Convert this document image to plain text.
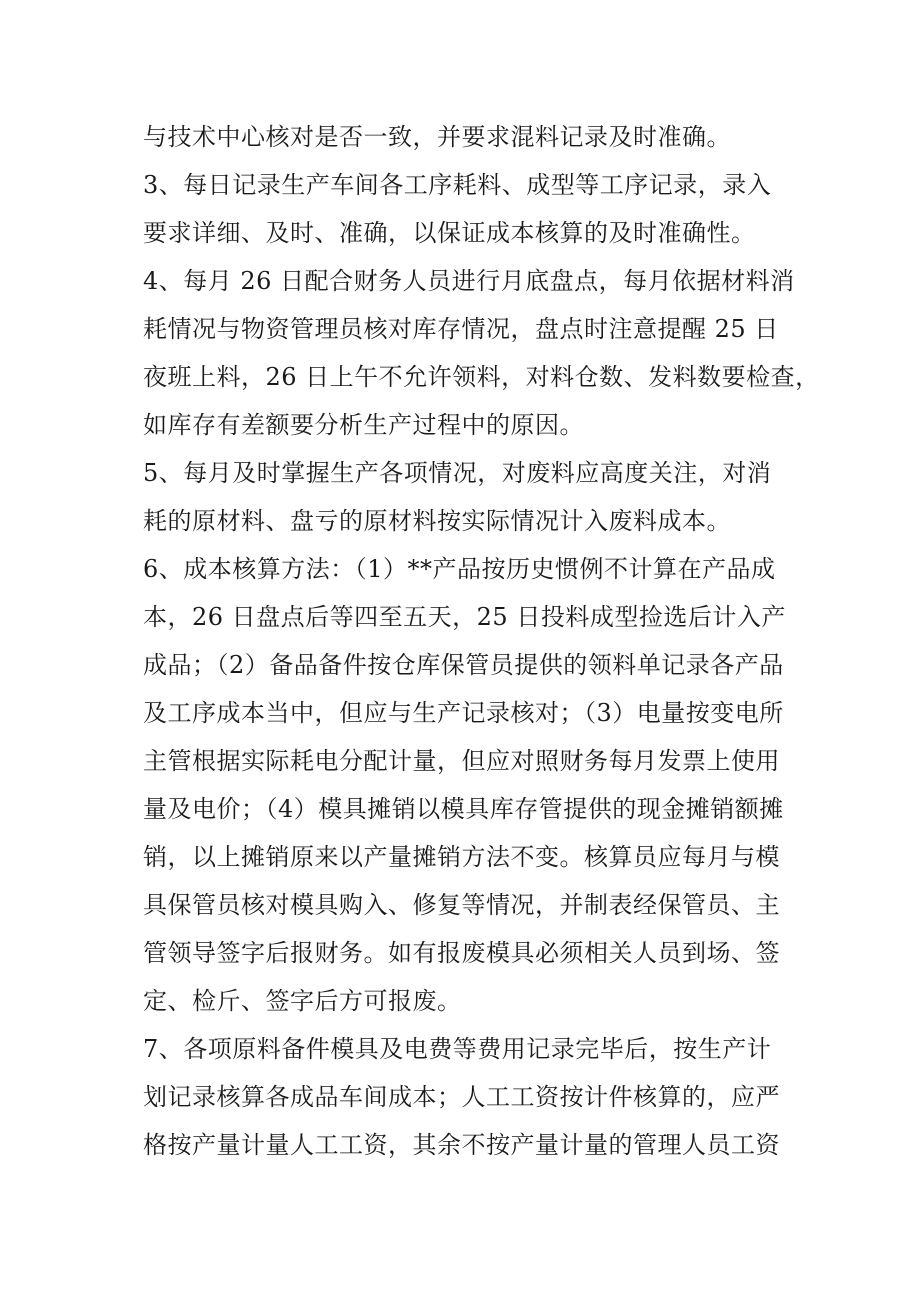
与技术中心核对是否一致，并要求混料记录及时准确。
3、每日记录生产车间各工序耗料、成型等工序记录，录入
要求详细、及时、准确，以保证成本核算的及时准确性。
4、每月 26 日配合财务人员进行月底盘点，每月依据材料消
耗情况与物资管理员核对库存情况，盘点时注意提醒 25 日
夜班上料，26 日上午不允许领料，对料仓数、发料数要检查，
如库存有差额要分析生产过程中的原因。
5、每月及时掌握生产各项情况，对废料应高度关注，对消
耗的原材料、盘亏的原材料按实际情况计入废料成本。
6、成本核算方法：（1）**产品按历史惯例不计算在产品成
本，26 日盘点后等四至五天，25 日投料成型捡选后计入产
成品；（2）备品备件按仓库保管员提供的领料单记录各产品
及工序成本当中，但应与生产记录核对；（3）电量按变电所
主管根据实际耗电分配计量，但应对照财务每月发票上使用
量及电价；（4）模具摊销以模具库存管提供的现金摊销额摊
销，以上摊销原来以产量摊销方法不变。核算员应每月与模
具保管员核对模具购入、修复等情况，并制表经保管员、主
管领导签字后报财务。如有报废模具必须相关人员到场、签
定、检斤、签字后方可报废。
7、各项原料备件模具及电费等费用记录完毕后，按生产计
划记录核算各成品车间成本；人工工资按计件核算的，应严
格按产量计量人工工资，其余不按产量计量的管理人员工资
